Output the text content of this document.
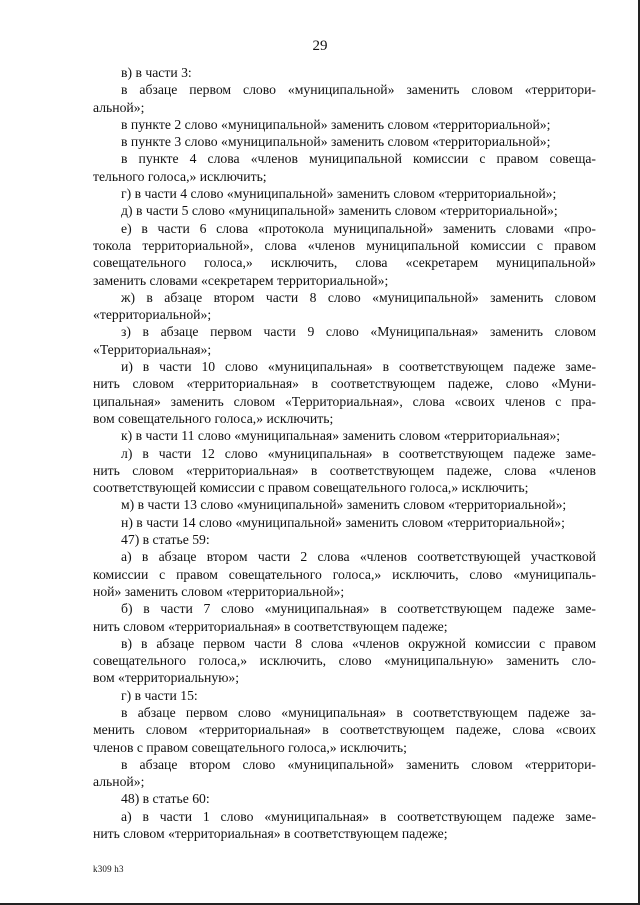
29
в) в части 3:
в абзаце первом слово «муниципальной» заменить словом «территори-
альной»;
в пункте 2 слово «муниципальной» заменить словом «территориальной»;
в пункте 3 слово «муниципальной» заменить словом «территориальной»;
в пункте 4 слова «членов муниципальной комиссии с правом совеща-
тельного голоса,» исключить;
г) в части 4 слово «муниципальной» заменить словом «территориальной»;
д) в части 5 слово «муниципальной» заменить словом «территориальной»;
е) в части 6 слова «протокола муниципальной» заменить словами «про-
токола территориальной», слова «членов муниципальной комиссии с правом
совещательного голоса,» исключить, слова «секретарем муниципальной»
заменить словами «секретарем территориальной»;
ж) в абзаце втором части 8 слово «муниципальной» заменить словом
«территориальной»;
з) в абзаце первом части 9 слово «Муниципальная» заменить словом
«Территориальная»;
и) в части 10 слово «муниципальная» в соответствующем падеже заме-
нить словом «территориальная» в соответствующем падеже, слово «Муни-
ципальная» заменить словом «Территориальная», слова «своих членов с пра-
вом совещательного голоса,» исключить;
к) в части 11 слово «муниципальная» заменить словом «территориальная»;
л) в части 12 слово «муниципальная» в соответствующем падеже заме-
нить словом «территориальная» в соответствующем падеже, слова «членов
соответствующей комиссии с правом совещательного голоса,» исключить;
м) в части 13 слово «муниципальной» заменить словом «территориальной»;
н) в части 14 слово «муниципальной» заменить словом «территориальной»;
47) в статье 59:
а) в абзаце втором части 2 слова «членов соответствующей участковой
комиссии с правом совещательного голоса,» исключить, слово «муниципаль-
ной» заменить словом «территориальной»;
б) в части 7 слово «муниципальная» в соответствующем падеже заме-
нить словом «территориальная» в соответствующем падеже;
в) в абзаце первом части 8 слова «членов окружной комиссии с правом
совещательного голоса,» исключить, слово «муниципальную» заменить сло-
вом «территориальную»;
г) в части 15:
в абзаце первом слово «муниципальная» в соответствующем падеже за-
менить словом «территориальная» в соответствующем падеже, слова «своих
членов с правом совещательного голоса,» исключить;
в абзаце втором слово «муниципальной» заменить словом «территори-
альной»;
48) в статье 60:
а) в части 1 слово «муниципальная» в соответствующем падеже заме-
нить словом «территориальная» в соответствующем падеже;
k309 h3
